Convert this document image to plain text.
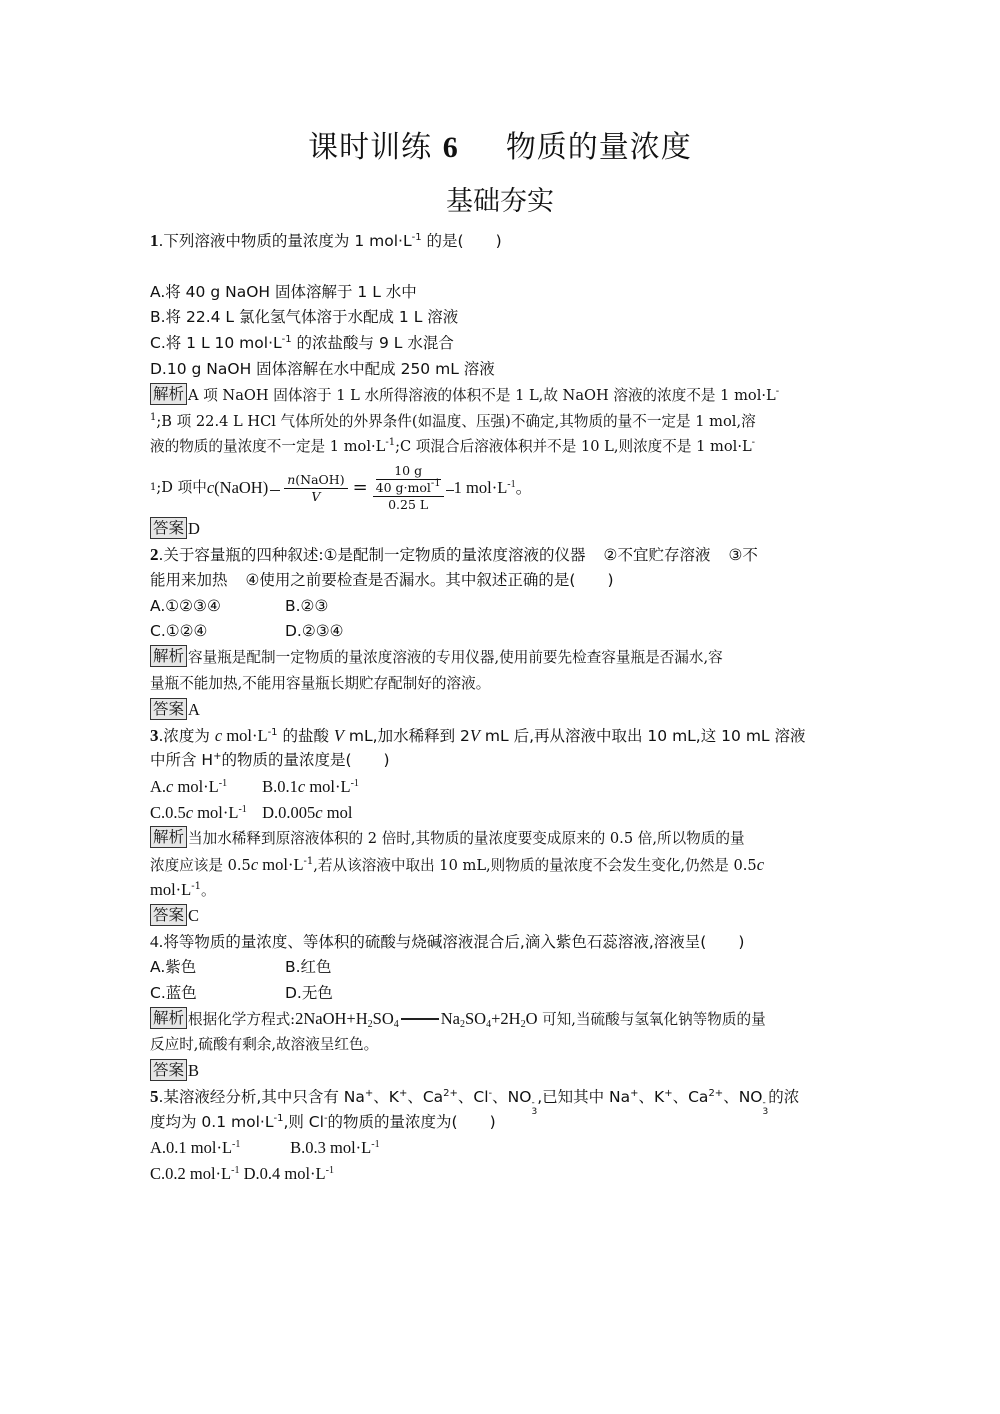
课时训练 6 物质的量浓度
基础夯实
1.下列溶液中物质的量浓度为 1 $mol\cdot L^{-1}$ 的是( )
A.将 40 g NaOH 固体溶解于 1 L 水中
B.将 22.4 L 氯化氢气体溶于水配成 1 L 溶液
C.将 1 L 10 $mol\cdot L^{-1}$ 的浓盐酸与 9 L 水混合
D.10 g NaOH 固体溶解在水中配成 250 mL 溶液
解析 A 项 NaOH 固体溶于 1 L 水所得溶液的体积不是 1 L,故 NaOH 溶液的浓度不是 1 mol·L-
$^1$;B 项 22.4 L HCl 气体所处的外界条件(如温度、压强)不确定,其物质的量不一定是 1 mol,溶
液的物质的量浓度不一定是 1 $mol\cdot L^{-1};C$ 项混合后溶液体积并不是 10 L,则浓度不是 1 mol·L-
1 ;D 项中 c(NaOH) $\frac{\text{n(NaOH)}}{V} = 10$ g
40 g·mol$^{-1}$
0.25 L 1 $mol\cdot L^{-1}$。
答案 D
2.关于容量瓶的四种叙述:①是配制一定物质的量浓度溶液的仪器 ②不宜贮存溶液 ③不
能用来加热 ④使用之前要检查是否漏水。其中叙述正确的是( )
A.①②③④	B.②③
C.①②④	D.②③④
解析 容量瓶是配制一定物质的量浓度溶液的专用仪器,使用前要先检查容量瓶是否漏水,容
量瓶不能加热,不能用容量瓶长期贮存配制好的溶液。
答案 A
3.浓度为 c $mol\cdot L^{-1}$ 的盐酸 V mL,加水稀释到 2V mL 后,再从溶液中取出 10 mL,这 10 mL 溶液
中所含 H+的物质的量浓度是( )
A.c $mol\cdot L^{-1}$ B.0.1c $mol\cdot L^{-1}$
C.0.5c $mol\cdot L^{-1}$ D.0.005c mol
解析 当加水稀释到原溶液体积的 2 倍时,其物质的量浓度要变成原来的 0.5 倍,所以物质的量
浓度应该是 0.5c $mol\cdot L^{-1}$,若从该溶液中取出 10 mL,则物质的量浓度不会发生变化,仍然是 0.5c
$mol\cdot L^{-1}$。
答案 C
4.将等物质的量浓度、等体积的硫酸与烧碱溶液混合后,滴入紫色石蕊溶液,溶液呈( )
A.紫色	B.红色
C.蓝色	D.无色
解析 根据化学方程式$:2NaOH+H_2SO_4$	$Na_2SO_4+2H_2O$ 可知,当硫酸与氢氧化钠等物质的量
反应时,硫酸有剩余,故溶液呈红色。
答案 B
5.某溶液经分析,其中只含有 Na+、K+、$Ca^{2+}$、Cl-、NO -
3
,已知其中 Na+、K+、$Ca^{2+}$、NO -
3
的浓
度均为 0.1 $mol\cdot L^{-1}$,则 Cl-的物质的量浓度为( )
A.0.1 $mol\cdot L^{-1}$	B.0.3 $mol\cdot L^{-1}$
C.0.2 $mol\cdot L^{-1}$ D.0.4 $mol\cdot L^{-1}$
